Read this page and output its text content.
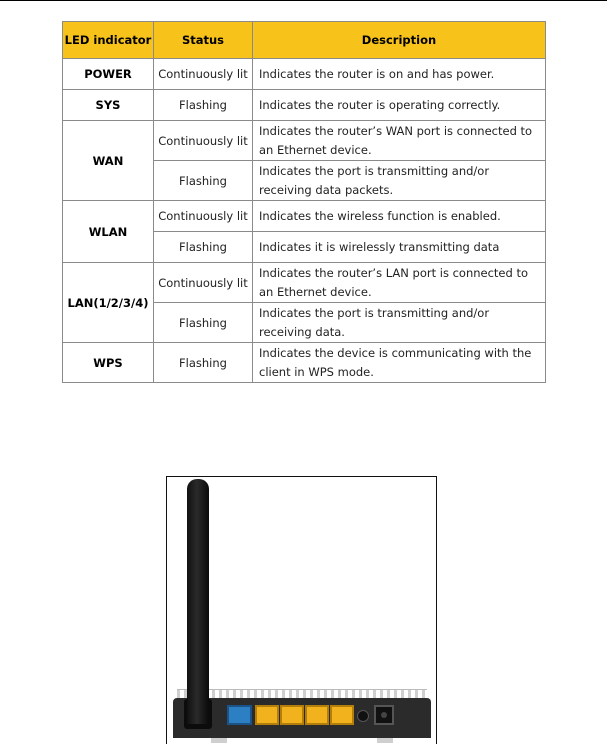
LED indicator	Status	Description
POWER	Continuously lit	Indicates the router is on and has power.
SYS	Flashing	Indicates the router is operating correctly.
WAN	Continuously lit	Indicates the router’s WAN port is connected to an Ethernet device.
	Flashing	Indicates the port is transmitting and/or receiving data packets.
WLAN	Continuously lit	Indicates the wireless function is enabled.
	Flashing	Indicates it is wirelessly transmitting data
LAN(1/2/3/4)	Continuously lit	Indicates the router’s LAN port is connected to an Ethernet device.
	Flashing	Indicates the port is transmitting and/or receiving data.
WPS	Flashing	Indicates the device is communicating with the client in WPS mode.
